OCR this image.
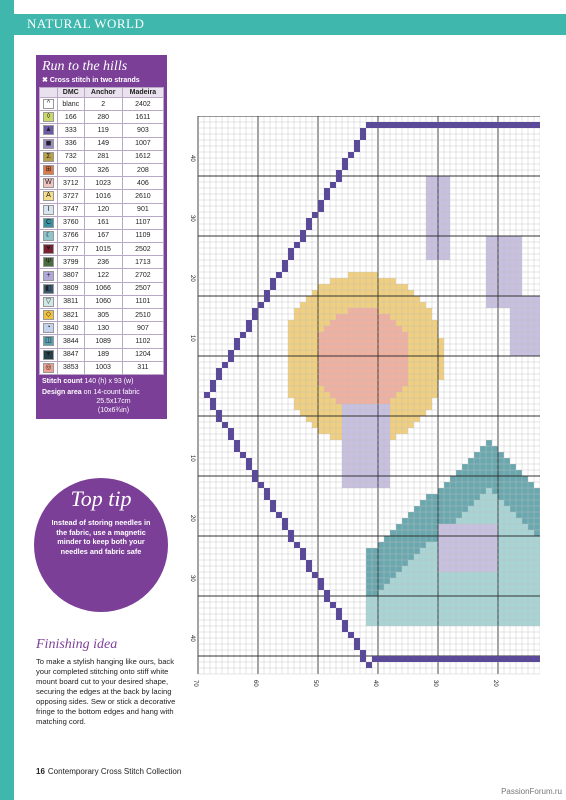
NATURAL WORLD
Run to the hills
✖ Cross stitch in two strands
	DMC	Anchor	Madeira
^	blanc	2	2402
◊	166	280	1611
▲	333	119	903
◼	336	149	1007
Σ	732	281	1612
⊞	900	326	208
W	3712	1023	406
A	3727	1016	2610
I	3747	120	901
C	3760	161	1107
☾	3766	167	1109
♥	3777	1015	2502
Ψ	3799	236	1713
+	3807	122	2702
◧	3809	1066	2507
▽	3811	1060	1101
◇	3821	305	2510
◔	3840	130	907
◫	3844	1089	1102
▼	3847	189	1204
◎	3853	1003	311
Stitch count 140 (h) x 93 (w)
Design area on 14-count fabric
25.5x17cm
(10x6¾in)
Top tip
Instead of storing needles in the fabric, use a magnetic minder to keep both your needles and fabric safe
Finishing idea
To make a stylish hanging like ours, back your completed stitching onto stiff white mount board cut to your desired shape, securing the edges at the back by lacing opposing sides. Sew or stick a decorative fringe to the bottom edges and hang with matching cord.
40
30
20
10
10
20
30
40
70	60	50	40	30	20
16 Contemporary Cross Stitch Collection
PassionForum.ru
